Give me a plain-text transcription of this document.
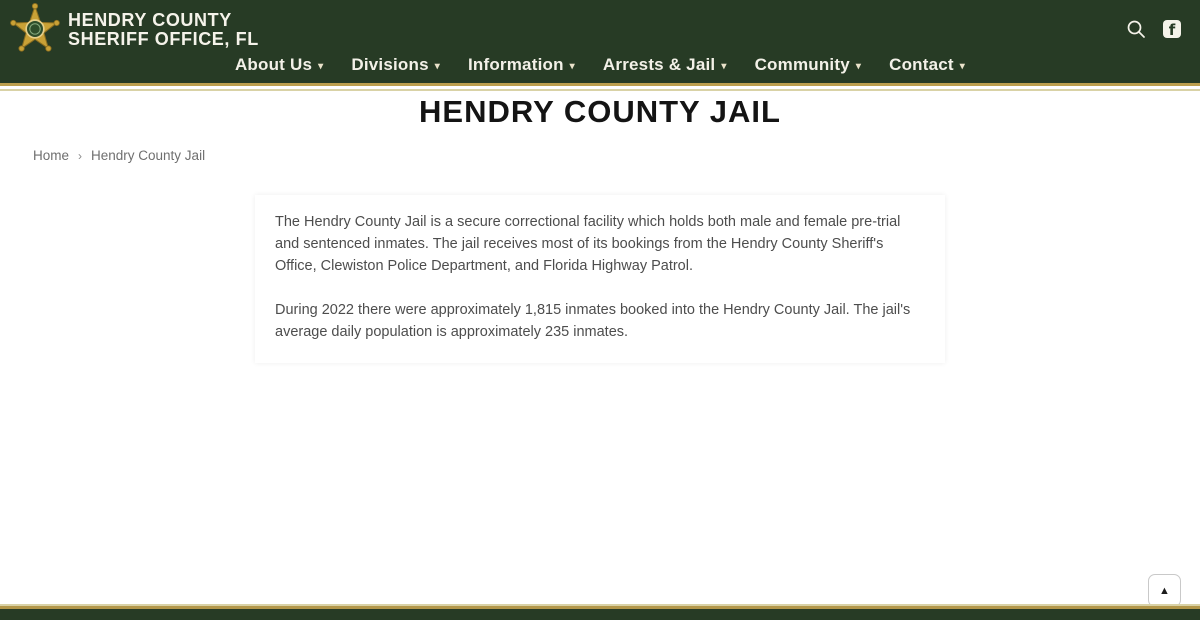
HENDRY COUNTY
SHERIFF OFFICE, FL	f
About Us ▾ Divisions ▾ Information ▾ Arrests & Jail ▾ Community ▾ Contact ▾
HENDRY COUNTY JAIL
Home › Hendry County Jail

The Hendry County Jail is a secure correctional facility which holds both male and female pre-trial and sentenced inmates. The jail receives most of its bookings from the Hendry County Sheriff's Office, Clewiston Police Department, and Florida Highway Patrol.

During 2022 there were approximately 1,815 inmates booked into the Hendry County Jail. The jail's average daily population is approximately 235 inmates.

▲
